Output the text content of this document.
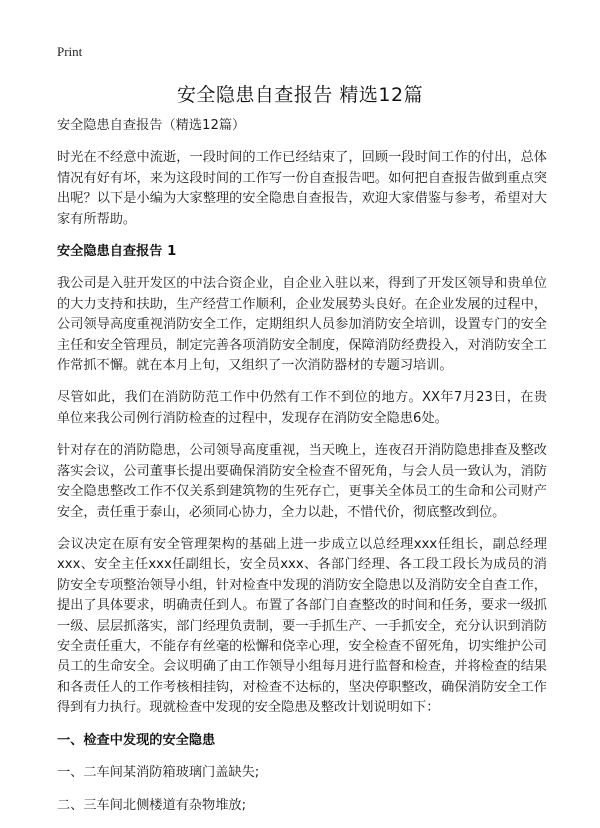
Print
安全隐患自查报告 精选12篇

安全隐患自查报告（精选12篇）

时光在不经意中流逝，一段时间的工作已经结束了，回顾一段时间工作的付出，总体情况有好有坏，来为这段时间的工作写一份自查报告吧。如何把自查报告做到重点突出呢？以下是小编为大家整理的安全隐患自查报告，欢迎大家借鉴与参考，希望对大家有所帮助。

安全隐患自查报告 1

我公司是入驻开发区的中法合资企业，自企业入驻以来，得到了开发区领导和贵单位的大力支持和扶助，生产经营工作顺利，企业发展势头良好。在企业发展的过程中，公司领导高度重视消防安全工作，定期组织人员参加消防安全培训，设置专门的安全主任和安全管理员，制定完善各项消防安全制度，保障消防经费投入，对消防安全工作常抓不懈。就在本月上旬，又组织了一次消防器材的专题习培训。

尽管如此，我们在消防防范工作中仍然有工作不到位的地方。XX年7月23日，在贵单位来我公司例行消防检查的过程中，发现存在消防安全隐患6处。

针对存在的消防隐患，公司领导高度重视，当天晚上，连夜召开消防隐患排查及整改落实会议，公司董事长提出要确保消防安全检查不留死角，与会人员一致认为，消防安全隐患整改工作不仅关系到建筑物的生死存亡，更事关全体员工的生命和公司财产安全，责任重于泰山，必须同心协力，全力以赴，不惜代价，彻底整改到位。

会议决定在原有安全管理架构的基础上进一步成立以总经理xxx任组长，副总经理xxx、安全主任xxx任副组长，安全员xxx、各部门经理、各工段工段长为成员的消防安全专项整治领导小组，针对检查中发现的消防安全隐患以及消防安全自查工作，提出了具体要求，明确责任到人。布置了各部门自查整改的时间和任务，要求一级抓一级、层层抓落实，部门经理负责制，要一手抓生产、一手抓安全，充分认识到消防安全责任重大，不能存有丝毫的松懈和侥幸心理，安全检查不留死角，切实维护公司员工的生命安全。会议明确了由工作领导小组每月进行监督和检查，并将检查的结果和各责任人的工作考核相挂钩，对检查不达标的，坚决停职整改，确保消防安全工作得到有力执行。现就检查中发现的安全隐患及整改计划说明如下：

一、检查中发现的安全隐患

一、二车间某消防箱玻璃门盖缺失;

二、三车间北侧楼道有杂物堆放;
